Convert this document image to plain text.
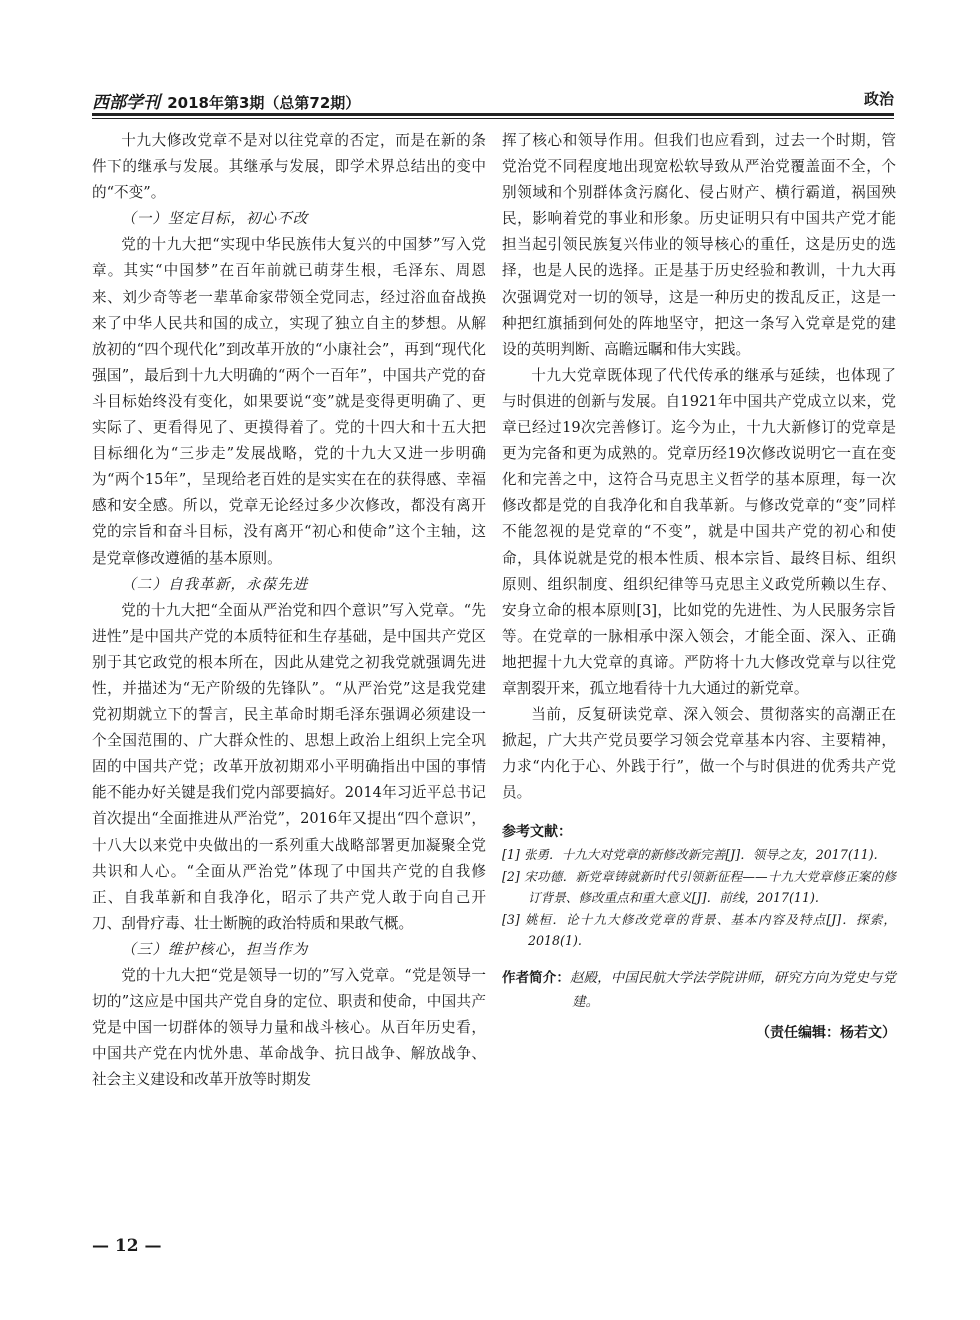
西部学刊 2018年第3期（总第72期）	政治

十九大修改党章不是对以往党章的否定，而是在新的条件下的继承与发展。其继承与发展，即学术界总结出的变中的“不变”。

（一）坚定目标，初心不改

党的十九大把“实现中华民族伟大复兴的中国梦”写入党章。其实“中国梦”在百年前就已萌芽生根，毛泽东、周恩来、刘少奇等老一辈革命家带领全党同志，经过浴血奋战换来了中华人民共和国的成立，实现了独立自主的梦想。从解放初的“四个现代化”到改革开放的“小康社会”，再到“现代化强国”，最后到十九大明确的“两个一百年”，中国共产党的奋斗目标始终没有变化，如果要说“变”就是变得更明确了、更实际了、更看得见了、更摸得着了。党的十四大和十五大把目标细化为“三步走”发展战略，党的十九大又进一步明确为“两个15年”，呈现给老百姓的是实实在在的获得感、幸福感和安全感。所以，党章无论经过多少次修改，都没有离开党的宗旨和奋斗目标，没有离开“初心和使命”这个主轴，这是党章修改遵循的基本原则。

（二）自我革新，永葆先进

党的十九大把“全面从严治党和四个意识”写入党章。“先进性”是中国共产党的本质特征和生存基础，是中国共产党区别于其它政党的根本所在，因此从建党之初我党就强调先进性，并描述为“无产阶级的先锋队”。“从严治党”这是我党建党初期就立下的誓言，民主革命时期毛泽东强调必须建设一个全国范围的、广大群众性的、思想上政治上组织上完全巩固的中国共产党；改革开放初期邓小平明确指出中国的事情能不能办好关键是我们党内部要搞好。2014年习近平总书记首次提出“全面推进从严治党”，2016年又提出“四个意识”，十八大以来党中央做出的一系列重大战略部署更加凝聚全党共识和人心。“全面从严治党”体现了中国共产党的自我修正、自我革新和自我净化，昭示了共产党人敢于向自己开刀、刮骨疗毒、壮士断腕的政治特质和果敢气概。

（三）维护核心，担当作为

党的十九大把“党是领导一切的”写入党章。“党是领导一切的”这应是中国共产党自身的定位、职责和使命，中国共产党是中国一切群体的领导力量和战斗核心。从百年历史看，中国共产党在内忧外患、革命战争、抗日战争、解放战争、社会主义建设和改革开放等时期发

挥了核心和领导作用。但我们也应看到，过去一个时期，管党治党不同程度地出现宽松软导致从严治党覆盖面不全，个别领域和个别群体贪污腐化、侵占财产、横行霸道，祸国殃民，影响着党的事业和形象。历史证明只有中国共产党才能担当起引领民族复兴伟业的领导核心的重任，这是历史的选择，也是人民的选择。正是基于历史经验和教训，十九大再次强调党对一切的领导，这是一种历史的拨乱反正，这是一种把红旗插到何处的阵地坚守，把这一条写入党章是党的建设的英明判断、高瞻远瞩和伟大实践。

十九大党章既体现了代代传承的继承与延续，也体现了与时俱进的创新与发展。自1921年中国共产党成立以来，党章已经过19次完善修订。迄今为止，十九大新修订的党章是更为完备和更为成熟的。党章历经19次修改说明它一直在变化和完善之中，这符合马克思主义哲学的基本原理，每一次修改都是党的自我净化和自我革新。与修改党章的“变”同样不能忽视的是党章的“不变”，就是中国共产党的初心和使命，具体说就是党的根本性质、根本宗旨、最终目标、组织原则、组织制度、组织纪律等马克思主义政党所赖以生存、安身立命的根本原则[3]，比如党的先进性、为人民服务宗旨等。在党章的一脉相承中深入领会，才能全面、深入、正确地把握十九大党章的真谛。严防将十九大修改党章与以往党章割裂开来，孤立地看待十九大通过的新党章。

当前，反复研读党章、深入领会、贯彻落实的高潮正在掀起，广大共产党员要学习领会党章基本内容、主要精神，力求“内化于心、外践于行”，做一个与时俱进的优秀共产党员。

参考文献：
[1] 张勇．十九大对党章的新修改新完善[J]．领导之友，2017(11).
[2] 宋功德．新党章铸就新时代引领新征程——十九大党章修正案的修订背景、修改重点和重大意义[J]．前线，2017(11).
[3] 姚桓．论十九大修改党章的背景、基本内容及特点[J]．探索，2018(1).
作者简介：赵殿，中国民航大学法学院讲师，研究方向为党史与党建。
（责任编辑：杨若文）
— 12 —
